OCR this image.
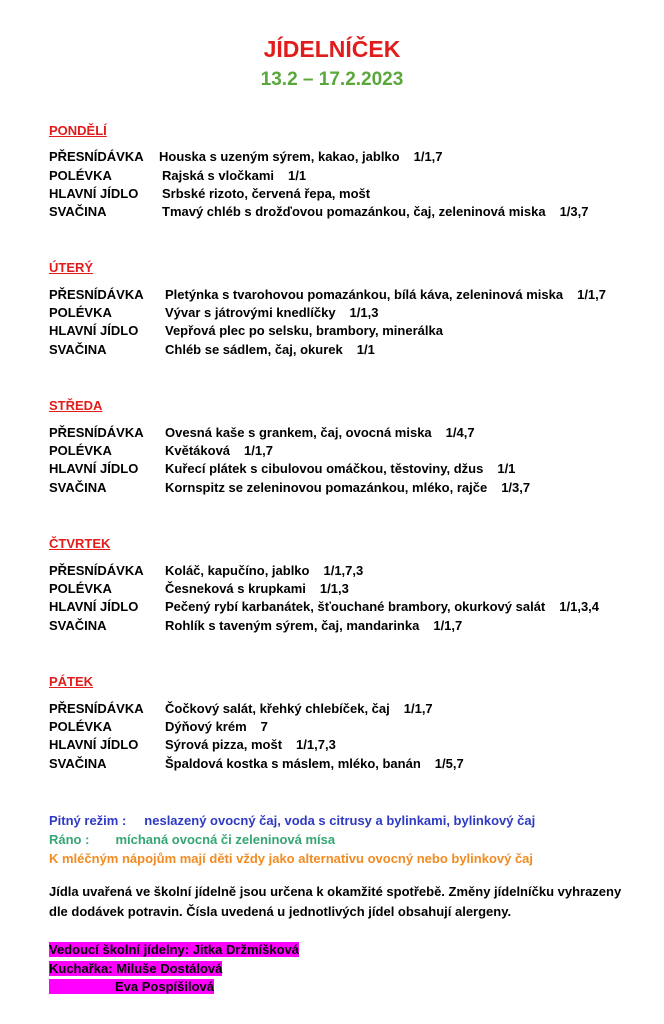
JÍDELNÍČEK
13.2 – 17.2.2023
PONDĚLÍ
PŘESNÍDÁVKA Houska s uzeným sýrem, kakao, jablko 1/1,7
POLÉVKA	Rajská s vločkami 1/1
HLAVNÍ JÍDLO Srbské rizoto, červená řepa, mošt
SVAČINA	Tmavý chléb s drožďovou pomazánkou, čaj, zeleninová miska 1/3,7
ÚTERÝ
PŘESNÍDÁVKA Pletýnka s tvarohovou pomazánkou, bílá káva, zeleninová miska 1/1,7
POLÉVKA	Vývar s játrovými knedlíčky 1/1,3
HLAVNÍ JÍDLO Vepřová plec po selsku, brambory, minerálka
SVAČINA	Chléb se sádlem, čaj, okurek 1/1
STŘEDA
PŘESNÍDÁVKA Ovesná kaše s grankem, čaj, ovocná miska 1/4,7
POLÉVKA	Květáková 1/1,7
HLAVNÍ JÍDLO Kuřecí plátek s cibulovou omáčkou, těstoviny, džus 1/1
SVAČINA	Kornspitz se zeleninovou pomazánkou, mléko, rajče 1/3,7
ČTVRTEK
PŘESNÍDÁVKA Koláč, kapučíno, jablko 1/1,7,3
POLÉVKA	Česneková s krupkami 1/1,3
HLAVNÍ JÍDLO Pečený rybí karbanátek, šťouchané brambory, okurkový salát 1/1,3,4
SVAČINA	Rohlík s taveným sýrem, čaj, mandarinka 1/1,7
PÁTEK
PŘESNÍDÁVKA Čočkový salát, křehký chlebíček, čaj 1/1,7
POLÉVKA	Dýňový krém 7
HLAVNÍ JÍDLO Sýrová pizza, mošt 1/1,7,3
SVAČINA	Špaldová kostka s máslem, mléko, banán 1/5,7
Pitný režim : neslazený ovocný čaj, voda s citrusy a bylinkami, bylinkový čaj
Ráno : míchaná ovocná či zeleninová mísa
K mléčným nápojům mají děti vždy jako alternativu ovocný nebo bylinkový čaj
Jídla uvařená ve školní jídelně jsou určena k okamžité spotřebě. Změny jídelníčku vyhrazeny dle dodávek potravin. Čísla uvedená u jednotlivých jídel obsahují alergeny.
Vedoucí školní jídelny: Jitka Držmíšková
Kuchařka: Miluše Dostálová
Eva Pospíšilová
